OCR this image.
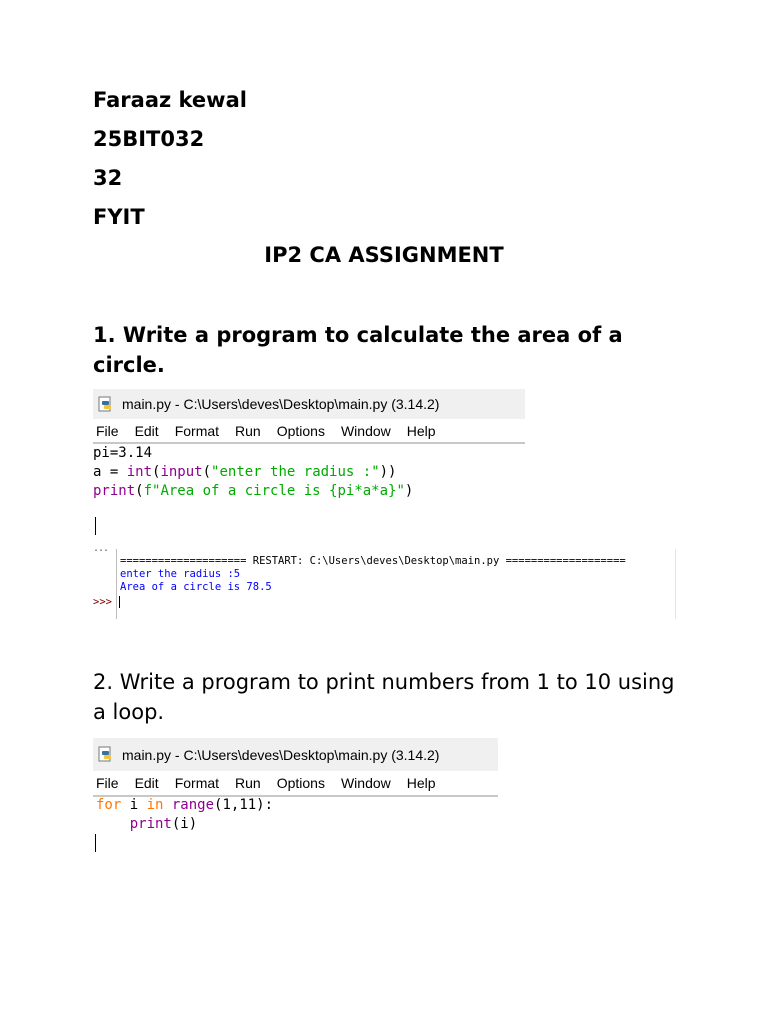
Faraaz kewal
25BIT032
32
FYIT
IP2 CA ASSIGNMENT
1. Write a program to calculate the area of a circle.
main.py - C:\Users\deves\Desktop\main.py (3.14.2)
File Edit Format Run Options Window Help
pi=3.14
a = int(input("enter the radius :"))
print(f"Area of a circle is {pi*a*a}")
...
==================== RESTART: C:\Users\deves\Desktop\main.py ===================
enter the radius :5
Area of a circle is 78.5
>>>
2. Write a program to print numbers from 1 to 10 using a loop.
main.py - C:\Users\deves\Desktop\main.py (3.14.2)
File Edit Format Run Options Window Help
for i in range(1,11):
print(i)
